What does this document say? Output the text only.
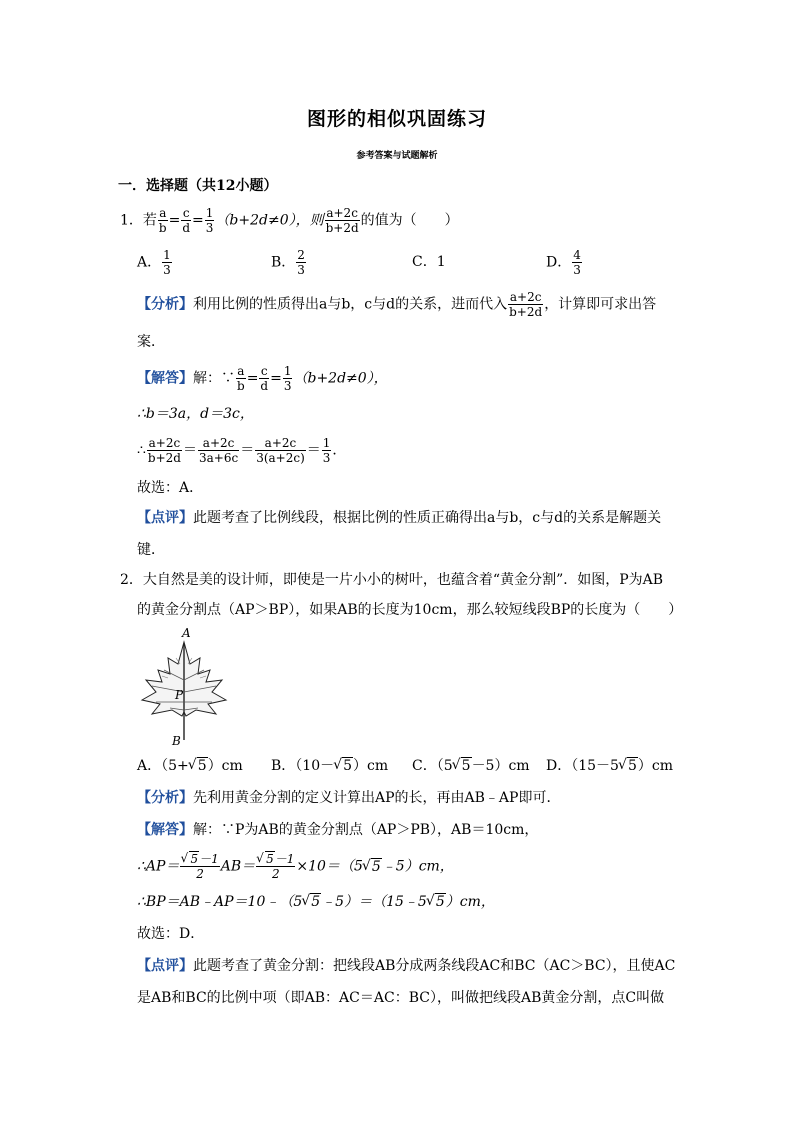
图形的相似巩固练习
参考答案与试题解析
一．选择题（共12小题）
1．若 $\frac{a}{b} = \frac{c}{d} = \frac{1}{3} (b+2d\ne 0)$，则 $\frac{a+2c}{b+2d}$ 的值为（　　）
A． $\frac{1}{3}$	B． $\frac{2}{3}$	C．1	D． $\frac{4}{3}$
【分析】利用比例的性质得出a与b，c与d的关系，进而代入 $\frac{a+2c}{b+2d}$ ，计算即可求出答
案．
【解答】解：∵ $\frac{a}{b} = \frac{c}{d} = \frac{1}{3} (b+2d\ne 0)$，
∴b＝3a，d＝3c，
∴ $\frac{a+2c}{b+2d} = \frac{a+2c}{3a+6c} = \frac{a+2c}{3(a+2c)} = \frac{1}{3}$ ．
故选：A．
【点评】此题考查了比例线段，根据比例的性质正确得出a与b，c与d的关系是解题关
键．
2．大自然是美的设计师，即使是一片小小的树叶，也蕴含着“黄金分割”．如图，P为AB
的黄金分割点（AP＞BP），如果AB的长度为10cm，那么较短线段BP的长度为（　　）
A
P
B
A．（5+√ 5）cm B．（10－√ 5）cm C．（5√ 5－5）cm D．（15－5√ 5）cm
【分析】先利用黄金分割的定义计算出AP的长，再由AB﹣AP即可．
【解答】解：∵P为AB的黄金分割点（AP＞PB），AB＝10cm，
∴AP＝
√ $\frac{5-1}{2} AB=$
√ $\frac{5-1}{2} \times 10=(5√$ 5﹣5）cm，
∴BP＝AB﹣AP＝10﹣（5√ 5﹣5）＝（15﹣5√ 5）cm，
故选：D．
【点评】此题考查了黄金分割：把线段AB分成两条线段AC和BC（AC＞BC），且使AC
是AB和BC的比例中项（即AB：AC＝AC：BC），叫做把线段AB黄金分割，点C叫做
